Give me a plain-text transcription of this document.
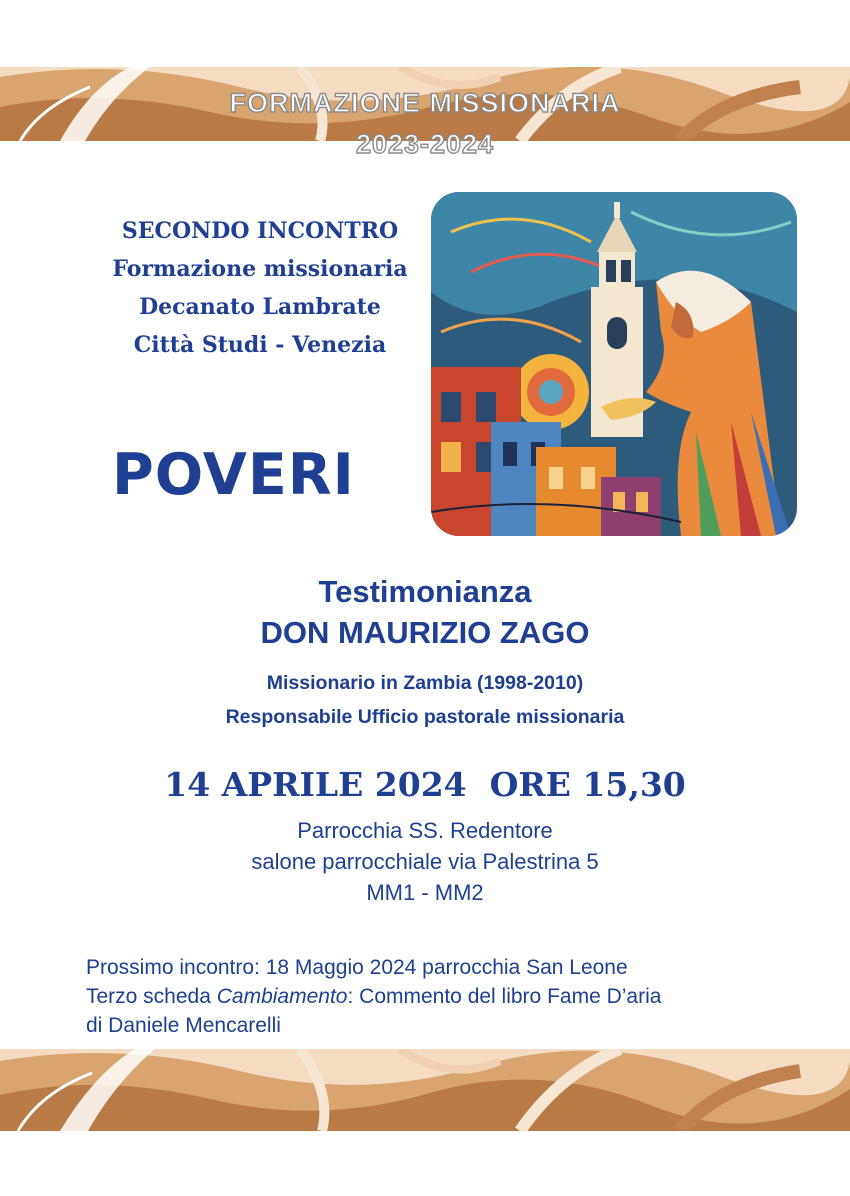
FORMAZIONE MISSIONARIA
2023-2024
SECONDO INCONTRO
Formazione missionaria
Decanato Lambrate
Città Studi - Venezia
POVERI
Testimonianza
DON MAURIZIO ZAGO
Missionario in Zambia (1998-2010)
Responsabile Ufficio pastorale missionaria
14 APRILE 2024  ORE 15,30
Parrocchia SS. Redentore
salone parrocchiale via Palestrina 5
MM1 - MM2
Prossimo incontro: 18 Maggio 2024 parrocchia San Leone
Terzo scheda Cambiamento: Commento del libro Fame D’aria
di Daniele Mencarelli
